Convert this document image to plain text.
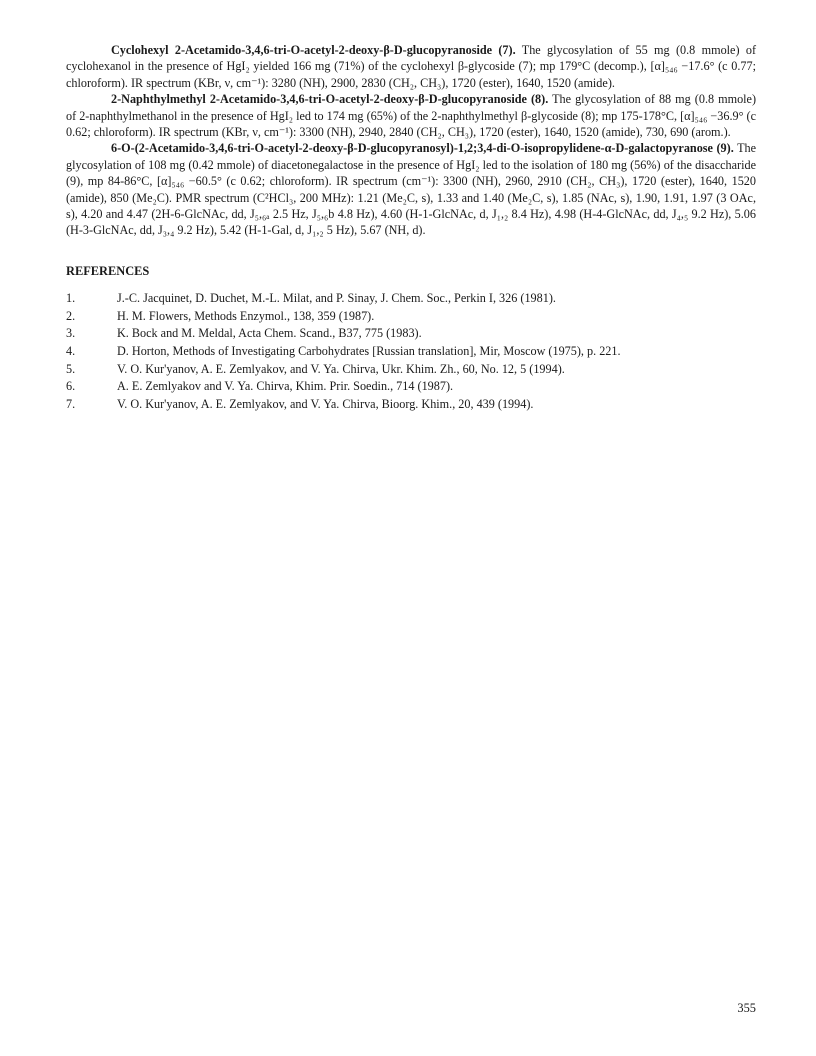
Cyclohexyl 2-Acetamido-3,4,6-tri-O-acetyl-2-deoxy-β-D-glucopyranoside (7). The glycosylation of 55 mg (0.8 mmole) of cyclohexanol in the presence of HgI₂ yielded 166 mg (71%) of the cyclohexyl β-glycoside (7); mp 179°C (decomp.), [α]₅₄₆ −17.6° (c 0.77; chloroform). IR spectrum (KBr, ν, cm⁻¹): 3280 (NH), 2900, 2830 (CH₂, CH₃), 1720 (ester), 1640, 1520 (amide).

2-Naphthylmethyl 2-Acetamido-3,4,6-tri-O-acetyl-2-deoxy-β-D-glucopyranoside (8). The glycosylation of 88 mg (0.8 mmole) of 2-naphthylmethanol in the presence of HgI₂ led to 174 mg (65%) of the 2-naphthylmethyl β-glycoside (8); mp 175-178°C, [α]₅₄₆ −36.9° (c 0.62; chloroform). IR spectrum (KBr, ν, cm⁻¹): 3300 (NH), 2940, 2840 (CH₂, CH₃), 1720 (ester), 1640, 1520 (amide), 730, 690 (arom.).

6-O-(2-Acetamido-3,4,6-tri-O-acetyl-2-deoxy-β-D-glucopyranosyl)-1,2;3,4-di-O-isopropylidene-α-D-galactopyranose (9). The glycosylation of 108 mg (0.42 mmole) of diacetonegalactose in the presence of HgI₂ led to the isolation of 180 mg (56%) of the disaccharide (9), mp 84-86°C, [α]₅₄₆ −60.5° (c 0.62; chloroform). IR spectrum (cm⁻¹): 3300 (NH), 2960, 2910 (CH₂, CH₃), 1720 (ester), 1640, 1520 (amide), 850 (Me₂C). PMR spectrum (C²HCl₃, 200 MHz): 1.21 (Me₂C, s), 1.33 and 1.40 (Me₂C, s), 1.85 (NAc, s), 1.90, 1.91, 1.97 (3 OAc, s), 4.20 and 4.47 (2H-6-GlcNAc, dd, J₅,₆ₐ 2.5 Hz, J₅,₆b 4.8 Hz), 4.60 (H-1-GlcNAc, d, J₁,₂ 8.4 Hz), 4.98 (H-4-GlcNAc, dd, J₄,₅ 9.2 Hz), 5.06 (H-3-GlcNAc, dd, J₃,₄ 9.2 Hz), 5.42 (H-1-Gal, d, J₁,₂ 5 Hz), 5.67 (NH, d).

REFERENCES
1.	J.-C. Jacquinet, D. Duchet, M.-L. Milat, and P. Sinay, J. Chem. Soc., Perkin I, 326 (1981).
2.	H. M. Flowers, Methods Enzymol., 138, 359 (1987).
3.	K. Bock and M. Meldal, Acta Chem. Scand., B37, 775 (1983).
4.	D. Horton, Methods of Investigating Carbohydrates [Russian translation], Mir, Moscow (1975), p. 221.
5.	V. O. Kur'yanov, A. E. Zemlyakov, and V. Ya. Chirva, Ukr. Khim. Zh., 60, No. 12, 5 (1994).
6.	A. E. Zemlyakov and V. Ya. Chirva, Khim. Prir. Soedin., 714 (1987).
7.	V. O. Kur'yanov, A. E. Zemlyakov, and V. Ya. Chirva, Bioorg. Khim., 20, 439 (1994).
355
